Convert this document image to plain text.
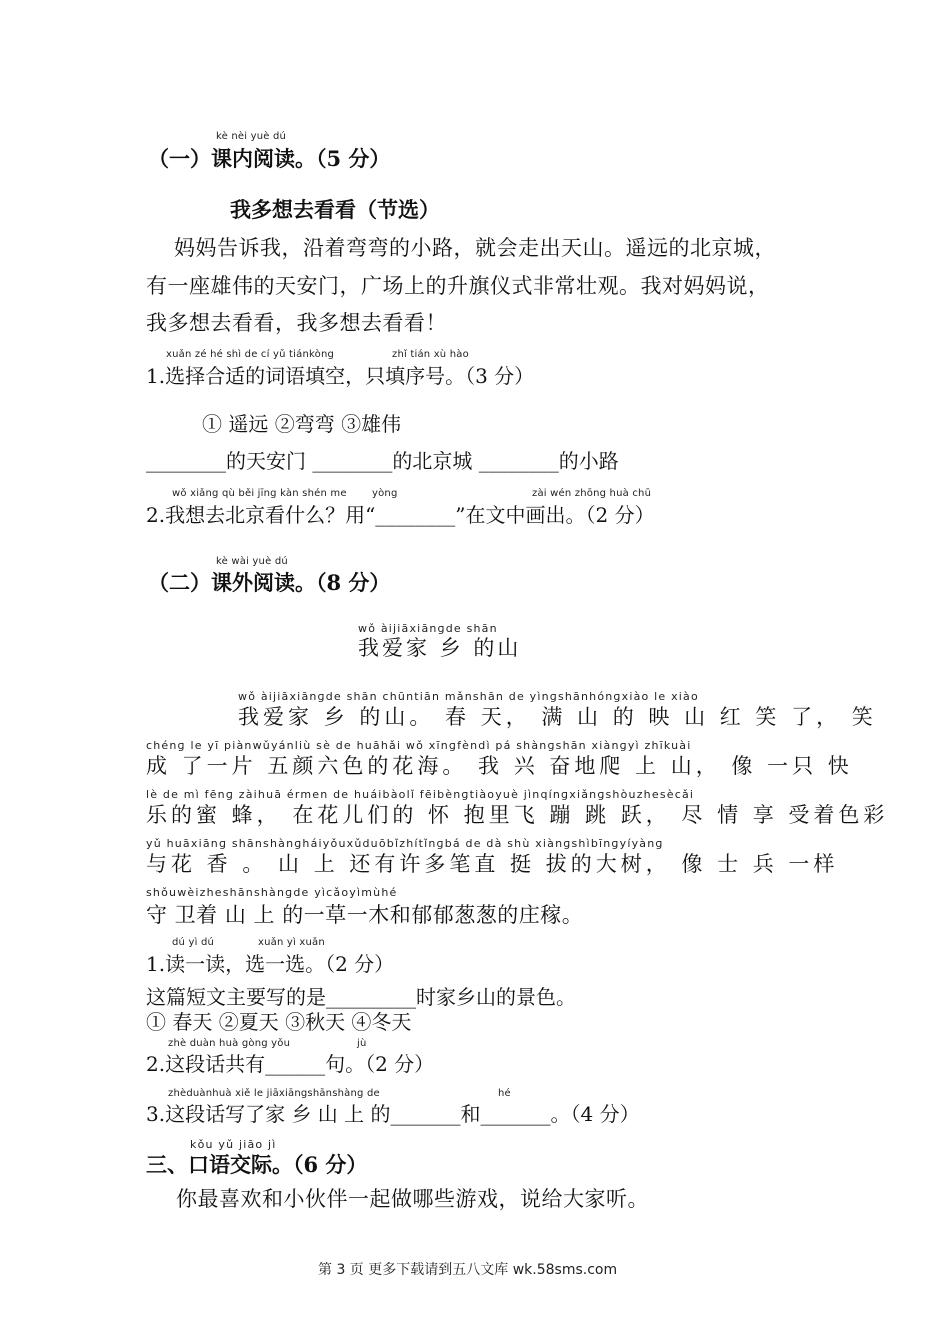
kè nèi yuè dú
（一）课内阅读。（5 分）
我多想去看看（节选）
妈妈告诉我，沿着弯弯的小路，就会走出天山。遥远的北京城，
有一座雄伟的天安门，广场上的升旗仪式非常壮观。我对妈妈说，
我多想去看看，我多想去看看！
xuǎn zé hé shì de cí yǔ tiánkòng	zhǐ tián xù hào
1.选择合适的词语填空，只填序号。（3 分）
① 遥远 ②弯弯 ③雄伟
________的天安门 ________的北京城 ________的小路
wǒ xiǎng qù běi jīng kàn shén me	yòng	zài wén zhōng huà chū
2.我想去北京看什么？用“________”在文中画出。（2 分）
kè wài yuè dú
（二）课外阅读。（8 分）
wǒ àijiāxiānɡde shān
我爱家 乡 的山
wǒ àijiāxiānɡde shān chūntiān mǎnshān de yìnɡshānhónɡxiào le xiào
我爱家 乡 的山。 春 天， 满 山 的 映 山 红 笑 了， 笑
chénɡ le yī piànwǔyánliù sè de huāhǎi wǒ xīnɡfèndì pá shànɡshān xiànɡyì zhīkuài
成 了一片 五颜六色的花海。 我 兴 奋地爬 上 山， 像 一只 快
lè de mì fēnɡ zàihuā érmen de huáibàolǐ fēibènɡtiàoyuè jìnqínɡxiǎnɡshòuzhesècǎi
乐的蜜 蜂， 在花儿们的 怀 抱里飞 蹦 跳 跃， 尽 情 享 受着色彩
yǔ huāxiānɡ shānshànɡháiyǒuxǔduōbǐzhítǐnɡbá de dà shù xiànɡshìbīnɡyíyànɡ
与花 香 。 山 上 还有许多笔直 挺 拔的大树， 像 士 兵 一样
shǒuwèizheshānshànɡde yìcǎoyìmùhé
守 卫着 山 上 的一草一木和郁郁葱葱的庄稼。
dú yì dú	xuǎn yì xuǎn
1.读一读，选一选。（2 分）
这篇短文主要写的是_________时家乡山的景色。
① 春天 ②夏天 ③秋天 ④冬天
zhè duàn huà gòng yǒu	jù
2.这段话共有______句。（2 分）
zhèduànhuà xiě le jiāxiāngshānshàng de	hé
3.这段话写了家 乡 山 上 的_______和_______。（4 分）
kǒu yǔ jiāo jì
三、口语交际。（6 分）
你最喜欢和小伙伴一起做哪些游戏，说给大家听。
第 3 页 更多下载请到五八文库 wk.58sms.com
